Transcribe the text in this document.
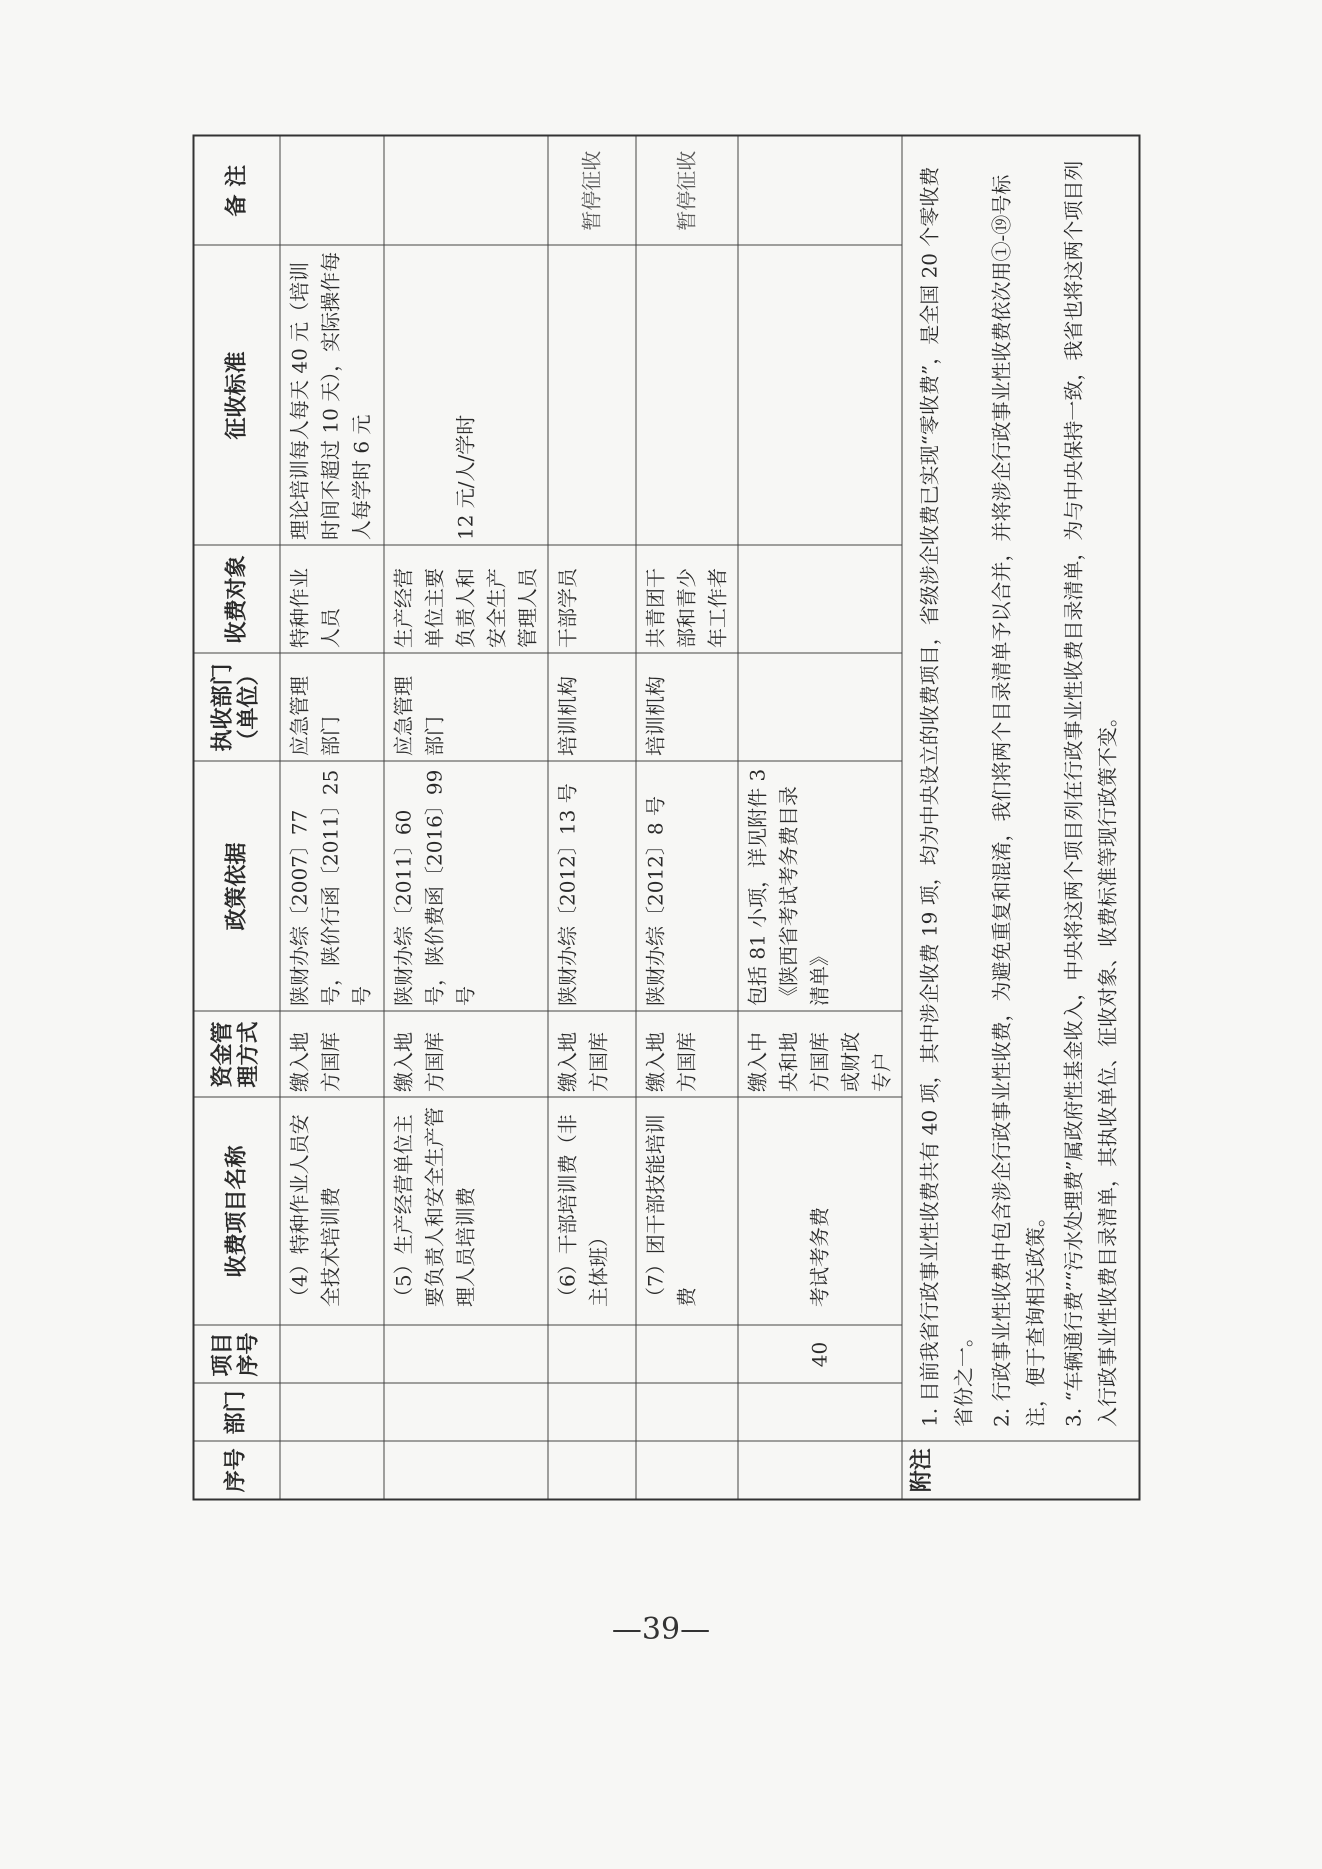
序号	部门	项目序号	收费项目名称	资金管理方式	政策依据	执收部门（单位）	收费对象	征收标准	备 注
			（4）特种作业人员安全技术培训费	缴入地方国库	陕财办综〔2007〕77 号，陕价行函〔2011〕25 号	应急管理部门	特种作业人员	理论培训每人每天 40 元（培训时间不超过 10 天），实际操作每人每学时 6 元	
			（5）生产经营单位主要负责人和安全生产管理人员培训费	缴入地方国库	陕财办综〔2011〕60 号，陕价费函〔2016〕99 号	应急管理部门	生产经营单位主要负责人和安全生产管理人员	12 元/人/学时	
			（6）干部培训费（非主体班）	缴入地方国库	陕财办综〔2012〕13 号	培训机构	干部学员		暂停征收
			（7）团干部技能培训费	缴入地方国库	陕财办综〔2012〕8 号	培训机构	共青团干部和青少年工作者		暂停征收
		40	考试考务费	缴入中央和地方国库或财政专户	包括 81 小项，详见附件 3《陕西省考试考务费目录清单》				
附注	1. 目前我省行政事业性收费共有 40 项，其中涉企收费 19 项，均为中央设立的收费项目，省级涉企收费已实现“零收费”，是全国 20 个零收费省份之一。 2. 行政事业性收费中包含涉企行政事业性收费，为避免重复和混淆，我们将两个目录清单予以合并，并将涉企行政事业性收费依次用①-⑲号标注，便于查询相关政策。 3. “车辆通行费”“污水处理费”属政府性基金收入，中央将这两个项目列在行政事业性收费目录清单，为与中央保持一致，我省也将这两个项目列入行政事业性收费目录清单，其执收单位、征收对象、收费标准等现行政策不变。								

—39—
